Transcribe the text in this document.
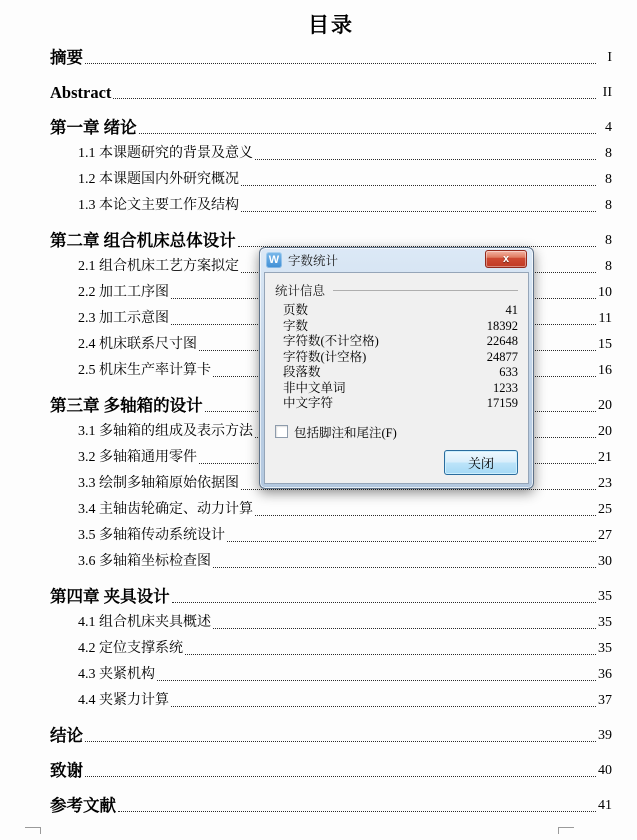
目录
摘要	I
Abstract	II
第一章 绪论	4
1.1 本课题研究的背景及意义	8
1.2 本课题国内外研究概况	8
1.3 本论文主要工作及结构	8
第二章 组合机床总体设计	8
2.1 组合机床工艺方案拟定	8
2.2 加工工序图	10
2.3 加工示意图	11
2.4 机床联系尺寸图	15
2.5 机床生产率计算卡	16
第三章 多轴箱的设计	20
3.1 多轴箱的组成及表示方法	20
3.2 多轴箱通用零件	21
3.3 绘制多轴箱原始依据图	23
3.4 主轴齿轮确定、动力计算	25
3.5 多轴箱传动系统设计	27
3.6 多轴箱坐标检查图	30
第四章 夹具设计	35
4.1 组合机床夹具概述	35
4.2 定位支撑系统	35
4.3 夹紧机构	36
4.4 夹紧力计算	37
结论	39
致谢	40
参考文献	41
W 字数统计	x
统计信息
页数	41
字数	18392
字符数(不计空格)	22648
字符数(计空格)	24877
段落数	633
非中文单词	1233
中文字符	17159
包括脚注和尾注(F)
关闭
